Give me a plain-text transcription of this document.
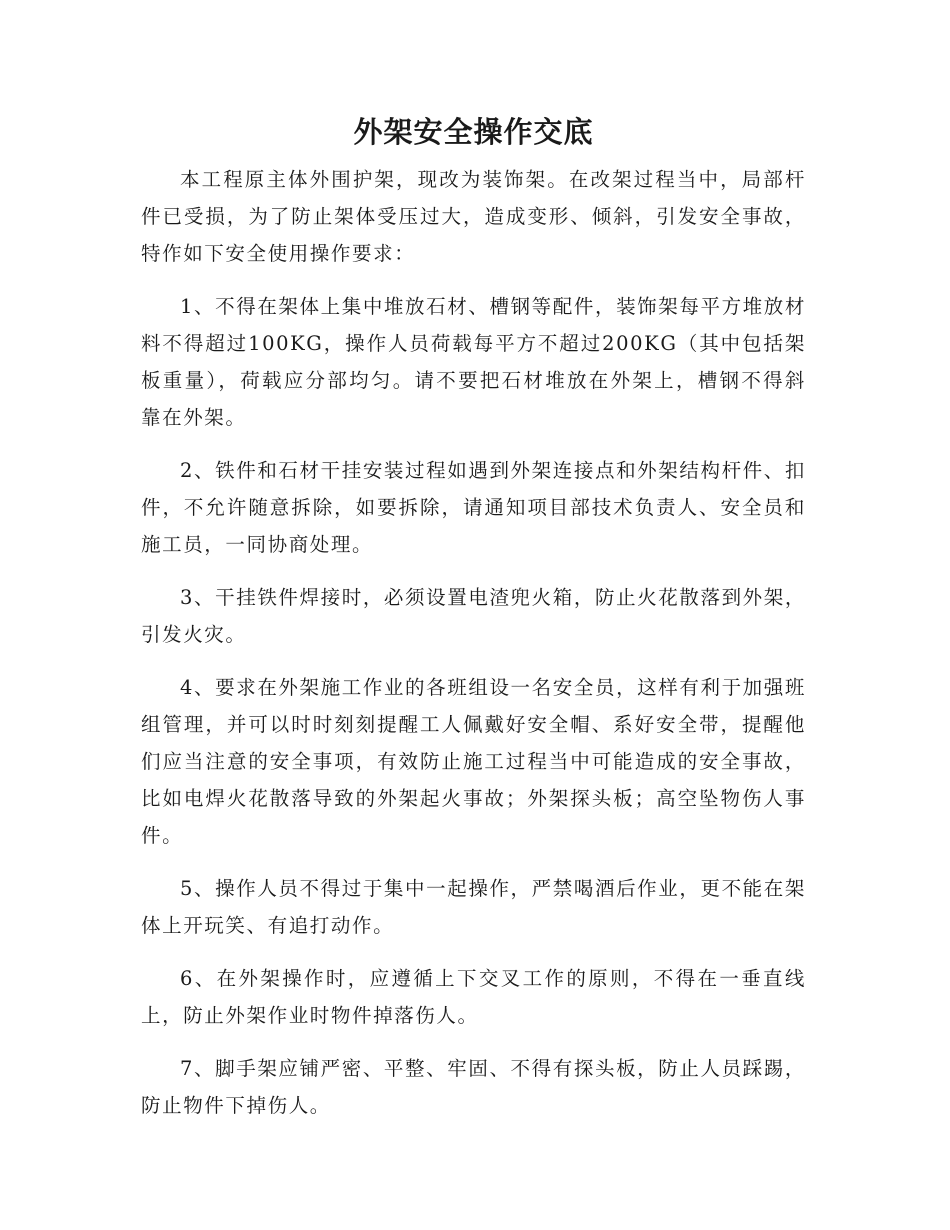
外架安全操作交底

本工程原主体外围护架，现改为装饰架。在改架过程当中，局部杆件已受损，为了防止架体受压过大，造成变形、倾斜，引发安全事故，特作如下安全使用操作要求：

1、不得在架体上集中堆放石材、槽钢等配件，装饰架每平方堆放材料不得超过100KG，操作人员荷载每平方不超过200KG（其中包括架板重量），荷载应分部均匀。请不要把石材堆放在外架上，槽钢不得斜靠在外架。

2、铁件和石材干挂安装过程如遇到外架连接点和外架结构杆件、扣件，不允许随意拆除，如要拆除，请通知项目部技术负责人、安全员和施工员，一同协商处理。

3、干挂铁件焊接时，必须设置电渣兜火箱，防止火花散落到外架，引发火灾。

4、要求在外架施工作业的各班组设一名安全员，这样有利于加强班组管理，并可以时时刻刻提醒工人佩戴好安全帽、系好安全带，提醒他们应当注意的安全事项，有效防止施工过程当中可能造成的安全事故，比如电焊火花散落导致的外架起火事故；外架探头板；高空坠物伤人事件。

5、操作人员不得过于集中一起操作，严禁喝酒后作业，更不能在架体上开玩笑、有追打动作。

6、在外架操作时，应遵循上下交叉工作的原则，不得在一垂直线上，防止外架作业时物件掉落伤人。

7、脚手架应铺严密、平整、牢固、不得有探头板，防止人员踩踢，防止物件下掉伤人。
